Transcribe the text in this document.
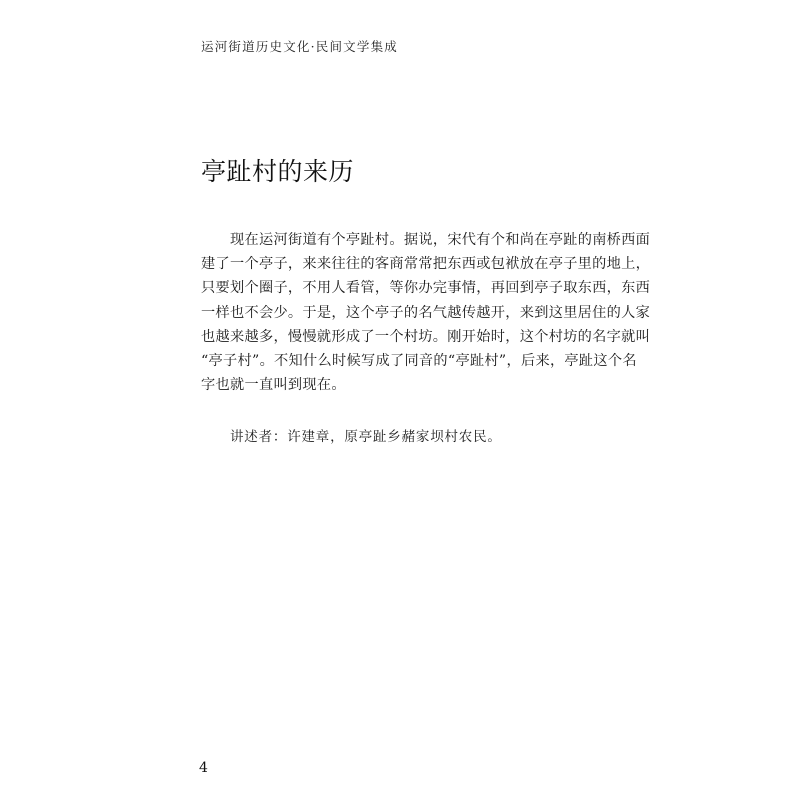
运河街道历史文化·民间文学集成
亭趾村的来历
现在运河街道有个亭趾村。据说，宋代有个和尚在亭趾的南桥西面
建了一个亭子，来来往往的客商常常把东西或包袱放在亭子里的地上，
只要划个圈子，不用人看管，等你办完事情，再回到亭子取东西，东西
一样也不会少。于是，这个亭子的名气越传越开，来到这里居住的人家
也越来越多，慢慢就形成了一个村坊。刚开始时，这个村坊的名字就叫
“亭子村”。不知什么时候写成了同音的“亭趾村”，后来，亭趾这个名
字也就一直叫到现在。
讲述者：许建章，原亭趾乡赭家坝村农民。
4
